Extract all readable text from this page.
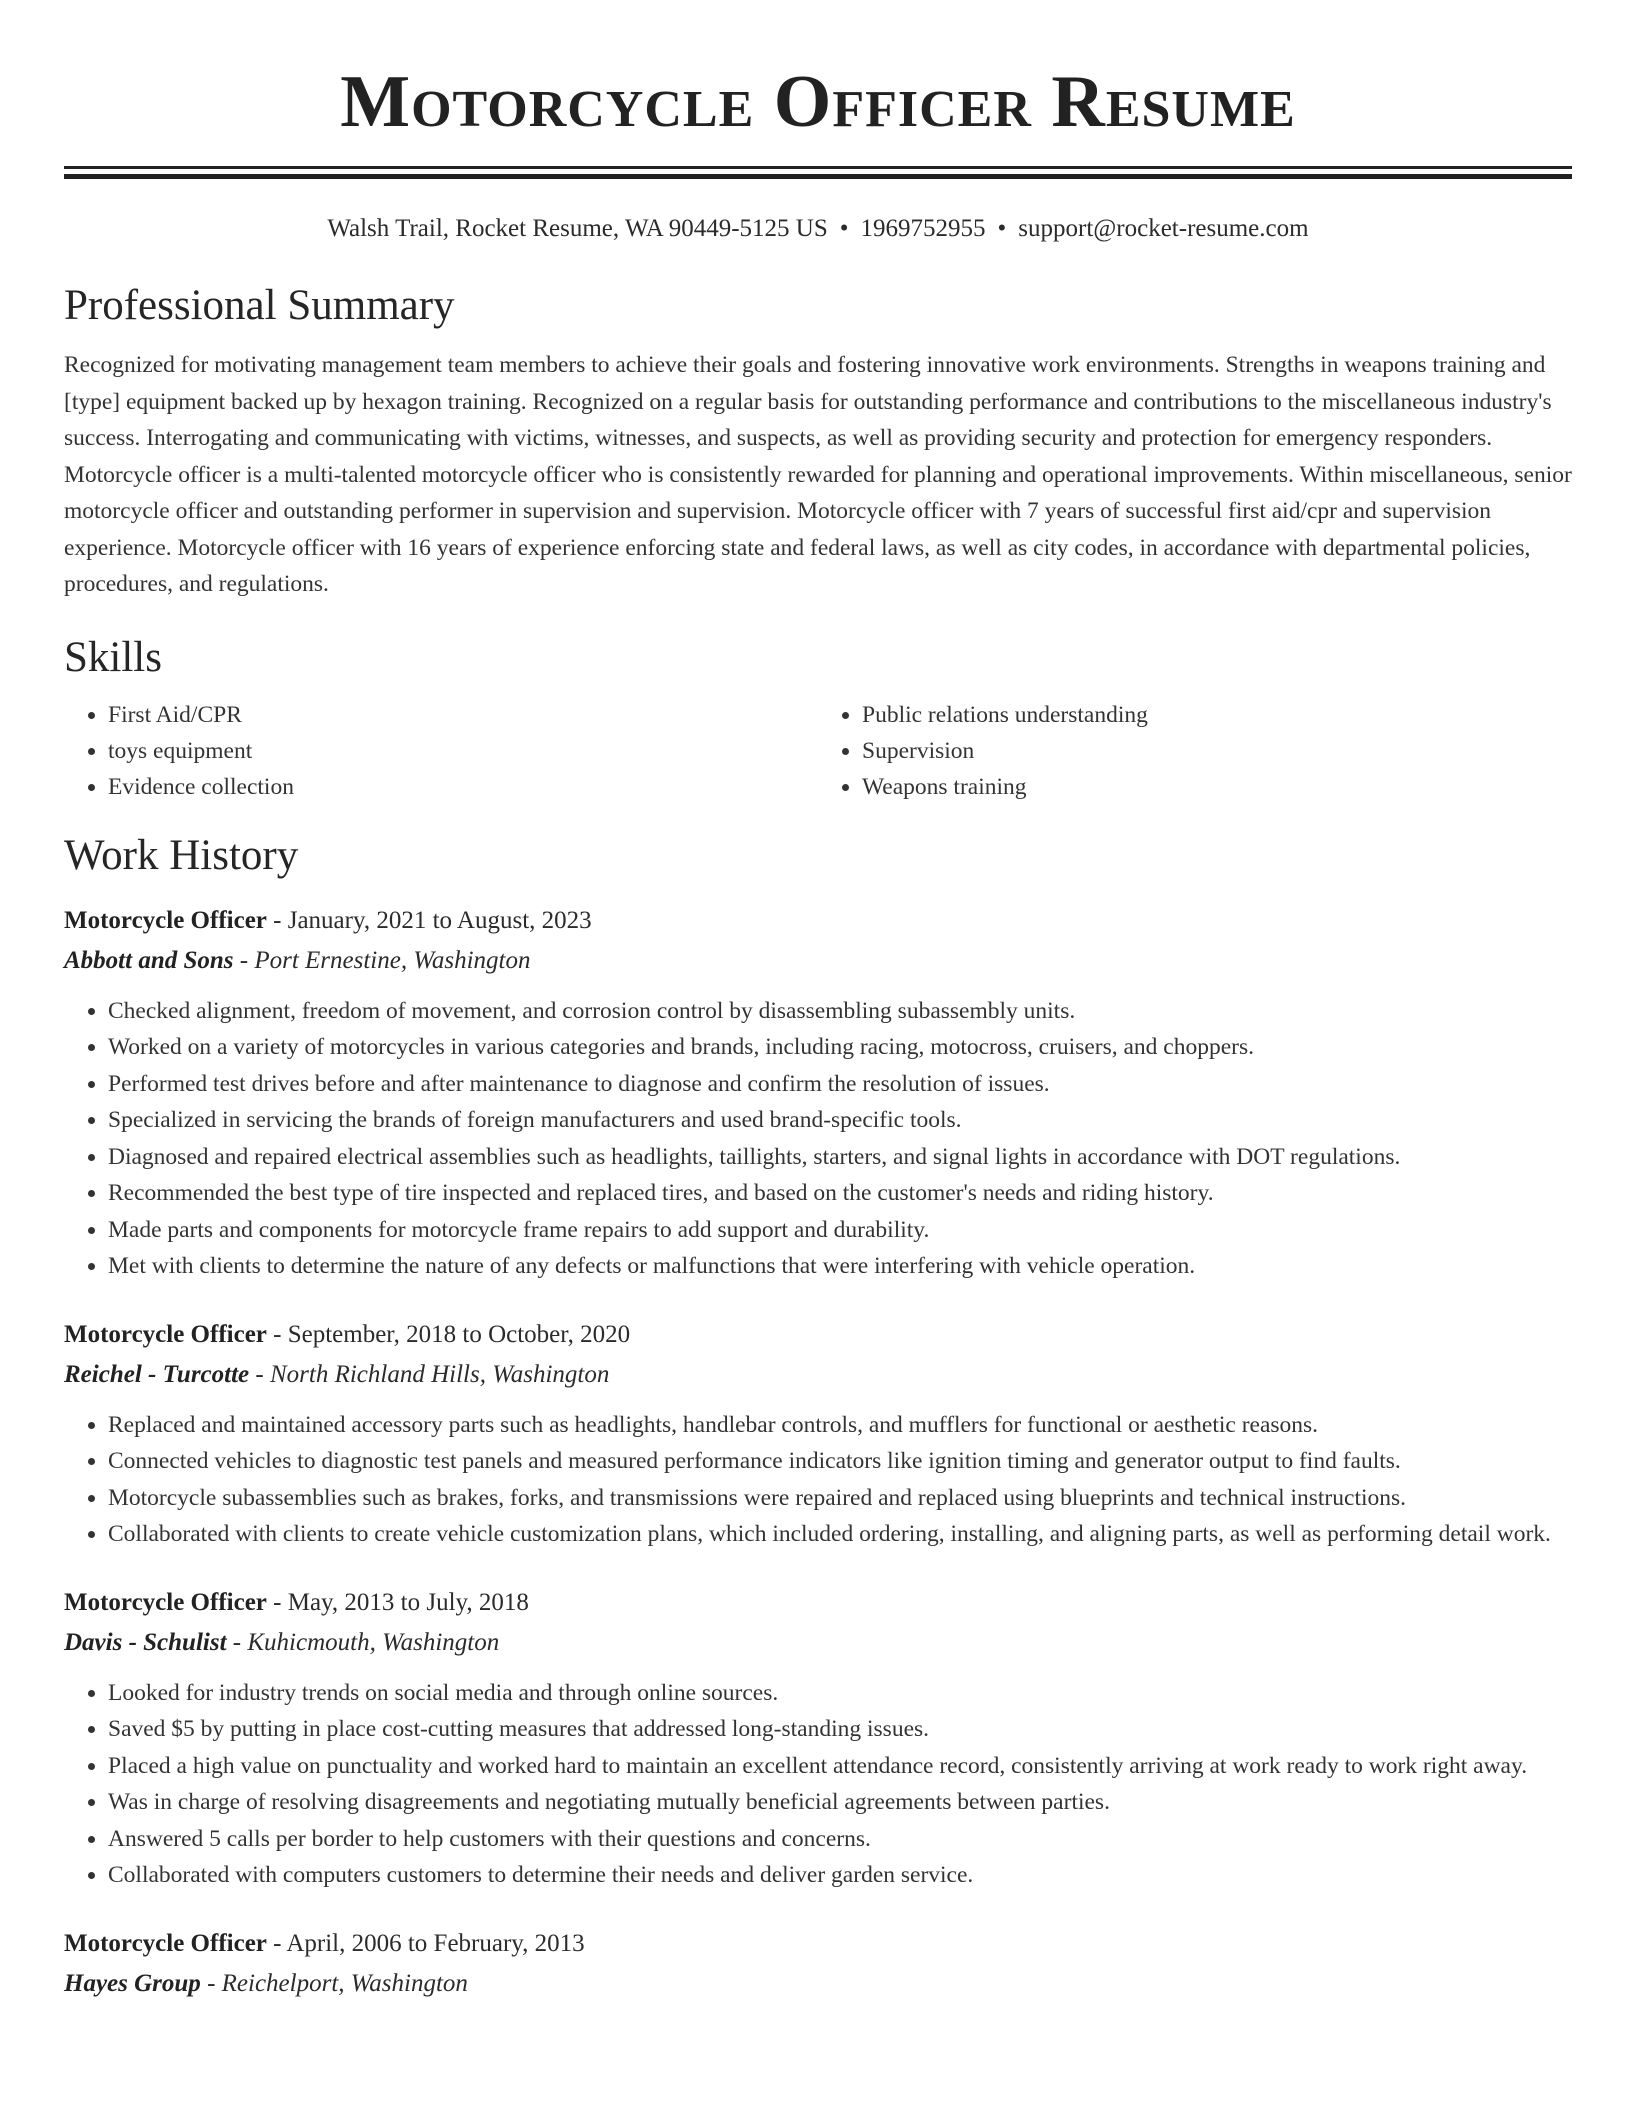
Motorcycle Officer Resume
Walsh Trail, Rocket Resume, WA 90449-5125 US • 1969752955 • support@rocket-resume.com
Professional Summary
Recognized for motivating management team members to achieve their goals and fostering innovative work environments. Strengths in weapons training and [type] equipment backed up by hexagon training. Recognized on a regular basis for outstanding performance and contributions to the miscellaneous industry's success. Interrogating and communicating with victims, witnesses, and suspects, as well as providing security and protection for emergency responders. Motorcycle officer is a multi-talented motorcycle officer who is consistently rewarded for planning and operational improvements. Within miscellaneous, senior motorcycle officer and outstanding performer in supervision and supervision. Motorcycle officer with 7 years of successful first aid/cpr and supervision experience. Motorcycle officer with 16 years of experience enforcing state and federal laws, as well as city codes, in accordance with departmental policies, procedures, and regulations.
Skills
• First Aid/CPR
• toys equipment
• Evidence collection
• Public relations understanding
• Supervision
• Weapons training
Work History
Motorcycle Officer - January, 2021 to August, 2023
Abbott and Sons - Port Ernestine, Washington
• Checked alignment, freedom of movement, and corrosion control by disassembling subassembly units.
• Worked on a variety of motorcycles in various categories and brands, including racing, motocross, cruisers, and choppers.
• Performed test drives before and after maintenance to diagnose and confirm the resolution of issues.
• Specialized in servicing the brands of foreign manufacturers and used brand-specific tools.
• Diagnosed and repaired electrical assemblies such as headlights, taillights, starters, and signal lights in accordance with DOT regulations.
• Recommended the best type of tire inspected and replaced tires, and based on the customer's needs and riding history.
• Made parts and components for motorcycle frame repairs to add support and durability.
• Met with clients to determine the nature of any defects or malfunctions that were interfering with vehicle operation.
Motorcycle Officer - September, 2018 to October, 2020
Reichel - Turcotte - North Richland Hills, Washington
• Replaced and maintained accessory parts such as headlights, handlebar controls, and mufflers for functional or aesthetic reasons.
• Connected vehicles to diagnostic test panels and measured performance indicators like ignition timing and generator output to find faults.
• Motorcycle subassemblies such as brakes, forks, and transmissions were repaired and replaced using blueprints and technical instructions.
• Collaborated with clients to create vehicle customization plans, which included ordering, installing, and aligning parts, as well as performing detail work.
Motorcycle Officer - May, 2013 to July, 2018
Davis - Schulist - Kuhicmouth, Washington
• Looked for industry trends on social media and through online sources.
• Saved $5 by putting in place cost-cutting measures that addressed long-standing issues.
• Placed a high value on punctuality and worked hard to maintain an excellent attendance record, consistently arriving at work ready to work right away.
• Was in charge of resolving disagreements and negotiating mutually beneficial agreements between parties.
• Answered 5 calls per border to help customers with their questions and concerns.
• Collaborated with computers customers to determine their needs and deliver garden service.
Motorcycle Officer - April, 2006 to February, 2013
Hayes Group - Reichelport, Washington
